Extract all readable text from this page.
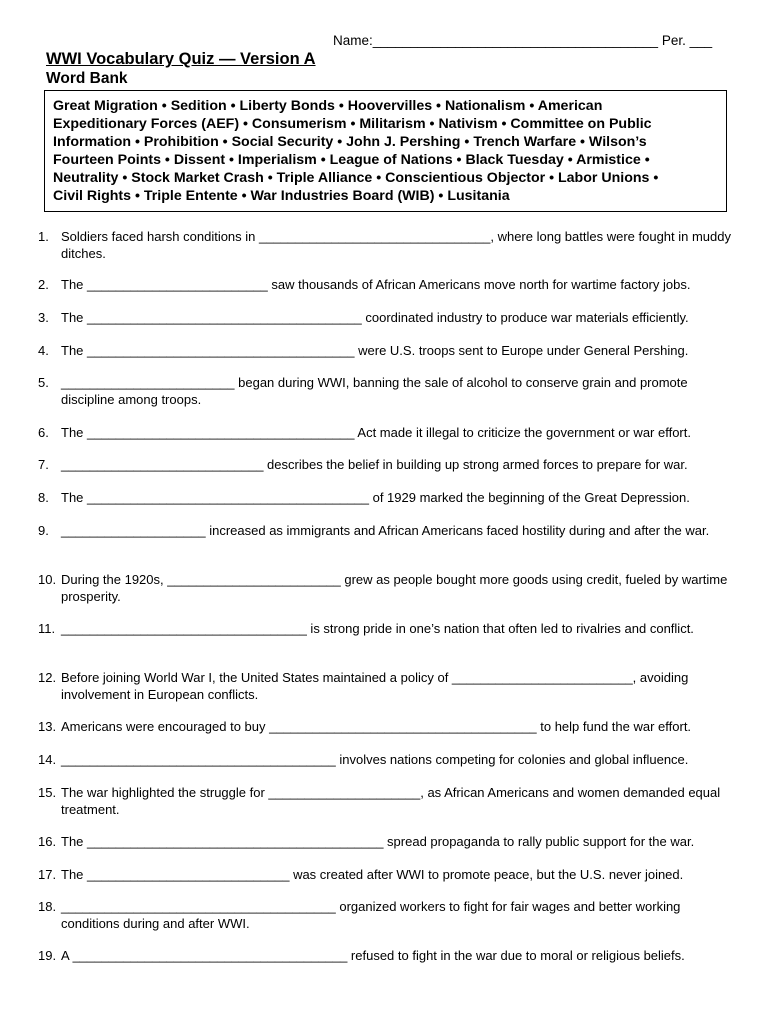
Name:______________________________________ Per. ___
WWI Vocabulary Quiz — Version A
Word Bank
Great Migration • Sedition • Liberty Bonds • Hoovervilles • Nationalism • American
Expeditionary Forces (AEF) • Consumerism • Militarism • Nativism • Committee on Public
Information • Prohibition • Social Security • John J. Pershing • Trench Warfare • Wilson’s
Fourteen Points • Dissent • Imperialism • League of Nations • Black Tuesday • Armistice •
Neutrality • Stock Market Crash • Triple Alliance • Conscientious Objector • Labor Unions •
Civil Rights • Triple Entente • War Industries Board (WIB) • Lusitania
1. Soldiers faced harsh conditions in ________________________________, where long battles were fought in muddy ditches.
2. The _________________________ saw thousands of African Americans move north for wartime factory jobs.
3. The ______________________________________ coordinated industry to produce war materials efficiently.
4. The _____________________________________ were U.S. troops sent to Europe under General Pershing.
5. ________________________ began during WWI, banning the sale of alcohol to conserve grain and promote discipline among troops.
6. The _____________________________________ Act made it illegal to criticize the government or war effort.
7. ____________________________ describes the belief in building up strong armed forces to prepare for war.
8. The _______________________________________ of 1929 marked the beginning of the Great Depression.
9. ____________________ increased as immigrants and African Americans faced hostility during and after the war.
10. During the 1920s, ________________________ grew as people bought more goods using credit, fueled by wartime prosperity.
11. __________________________________ is strong pride in one’s nation that often led to rivalries and conflict.
12. Before joining World War I, the United States maintained a policy of _________________________, avoiding involvement in European conflicts.
13. Americans were encouraged to buy _____________________________________ to help fund the war effort.
14. ______________________________________ involves nations competing for colonies and global influence.
15. The war highlighted the struggle for _____________________, as African Americans and women demanded equal treatment.
16. The _________________________________________ spread propaganda to rally public support for the war.
17. The ____________________________ was created after WWI to promote peace, but the U.S. never joined.
18. ______________________________________ organized workers to fight for fair wages and better working conditions during and after WWI.
19. A ______________________________________ refused to fight in the war due to moral or religious beliefs.
